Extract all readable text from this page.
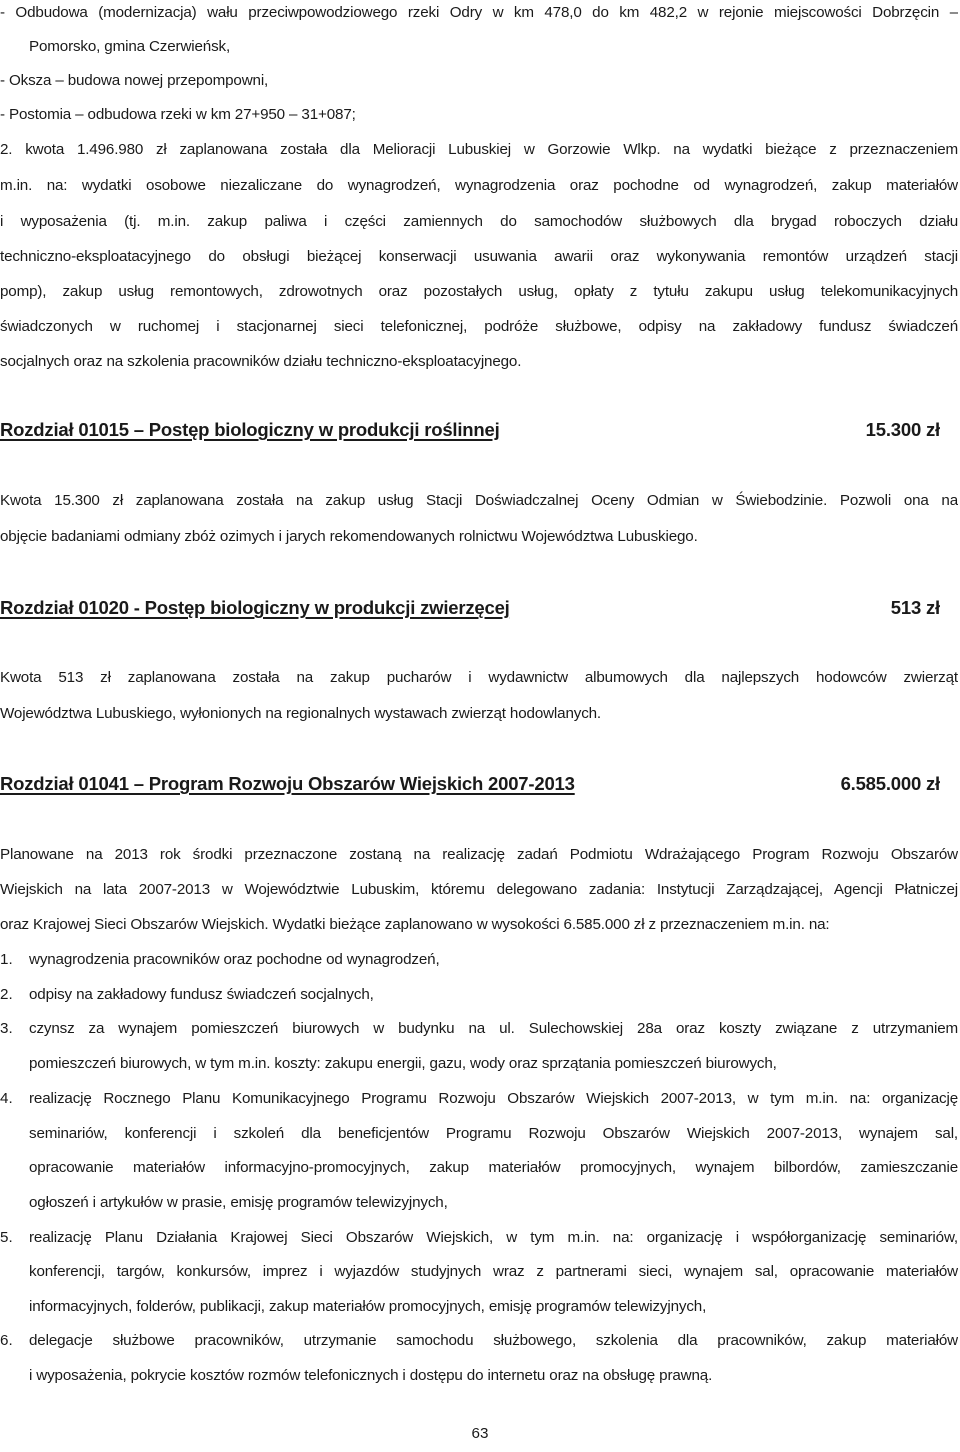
- Odbudowa (modernizacja) wału przeciwpowodziowego rzeki Odry w km 478,0 do km 482,2 w rejonie miejscowości Dobrzęcin –
Pomorsko, gmina Czerwieńsk,
- Oksza – budowa nowej przepompowni,
- Postomia – odbudowa rzeki w km 27+950 – 31+087;
2. kwota 1.496.980 zł zaplanowana została dla Melioracji Lubuskiej w Gorzowie Wlkp. na wydatki bieżące z przeznaczeniem
m.in. na: wydatki osobowe niezaliczane do wynagrodzeń, wynagrodzenia oraz pochodne od wynagrodzeń, zakup materiałów
i wyposażenia (tj. m.in. zakup paliwa i części zamiennych do samochodów służbowych dla brygad roboczych działu
techniczno-eksploatacyjnego do obsługi bieżącej konserwacji usuwania awarii oraz wykonywania remontów urządzeń stacji
pomp), zakup usług remontowych, zdrowotnych oraz pozostałych usług, opłaty z tytułu zakupu usług telekomunikacyjnych
świadczonych w ruchomej i stacjonarnej sieci telefonicznej, podróże służbowe, odpisy na zakładowy fundusz świadczeń
socjalnych oraz na szkolenia pracowników działu techniczno-eksploatacyjnego.
Rozdział 01015 – Postęp biologiczny w produkcji roślinnej	15.300 zł
Kwota 15.300 zł zaplanowana została na zakup usług Stacji Doświadczalnej Oceny Odmian w Świebodzinie. Pozwoli ona na
objęcie badaniami odmiany zbóż ozimych i jarych rekomendowanych rolnictwu Województwa Lubuskiego.
Rozdział 01020 - Postęp biologiczny w produkcji zwierzęcej	513 zł
Kwota 513 zł zaplanowana została na zakup pucharów i wydawnictw albumowych dla najlepszych hodowców zwierząt
Województwa Lubuskiego, wyłonionych na regionalnych wystawach zwierząt hodowlanych.
Rozdział 01041 – Program Rozwoju Obszarów Wiejskich 2007-2013	6.585.000 zł
Planowane na 2013 rok środki przeznaczone zostaną na realizację zadań Podmiotu Wdrażającego Program Rozwoju Obszarów
Wiejskich na lata 2007-2013 w Województwie Lubuskim, któremu delegowano zadania: Instytucji Zarządzającej, Agencji Płatniczej
oraz Krajowej Sieci Obszarów Wiejskich. Wydatki bieżące zaplanowano w wysokości 6.585.000 zł z przeznaczeniem m.in. na:
1. wynagrodzenia pracowników oraz pochodne od wynagrodzeń,
2. odpisy na zakładowy fundusz świadczeń socjalnych,
3. czynsz za wynajem pomieszczeń biurowych w budynku na ul. Sulechowskiej 28a oraz koszty związane z utrzymaniem
pomieszczeń biurowych, w tym m.in. koszty: zakupu energii, gazu, wody oraz sprzątania pomieszczeń biurowych,
4. realizację Rocznego Planu Komunikacyjnego Programu Rozwoju Obszarów Wiejskich 2007-2013, w tym m.in. na: organizację
seminariów, konferencji i szkoleń dla beneficjentów Programu Rozwoju Obszarów Wiejskich 2007-2013, wynajem sal,
opracowanie materiałów informacyjno-promocyjnych, zakup materiałów promocyjnych, wynajem bilbordów, zamieszczanie
ogłoszeń i artykułów w prasie, emisję programów telewizyjnych,
5. realizację Planu Działania Krajowej Sieci Obszarów Wiejskich, w tym m.in. na: organizację i współorganizację seminariów,
konferencji, targów, konkursów, imprez i wyjazdów studyjnych wraz z partnerami sieci, wynajem sal, opracowanie materiałów
informacyjnych, folderów, publikacji, zakup materiałów promocyjnych, emisję programów telewizyjnych,
6. delegacje służbowe pracowników, utrzymanie samochodu służbowego, szkolenia dla pracowników, zakup materiałów
i wyposażenia, pokrycie kosztów rozmów telefonicznych i dostępu do internetu oraz na obsługę prawną.
63
